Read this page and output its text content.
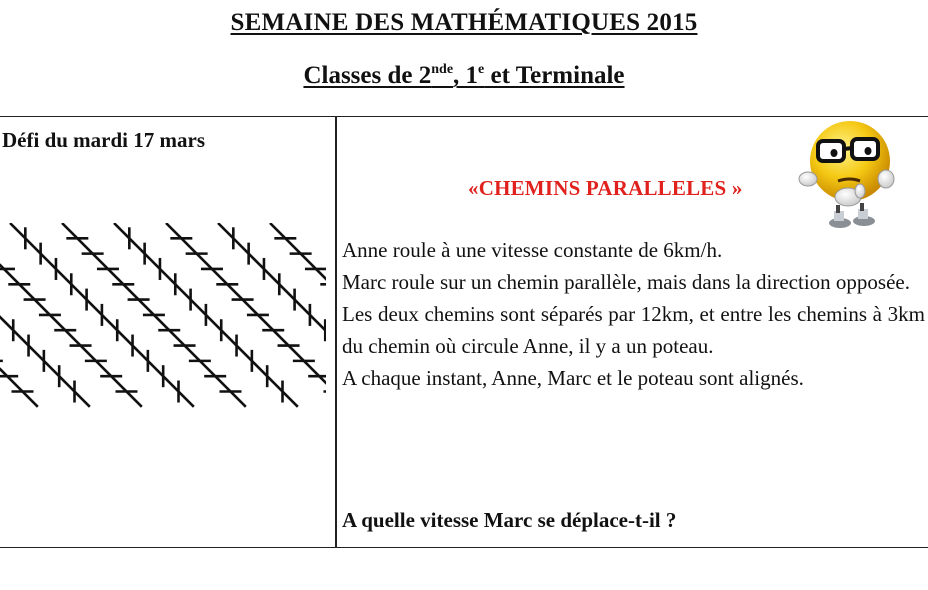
SEMAINE DES MATHÉMATIQUES 2015
Classes de 2nde, 1e et Terminale
Défi du mardi 17 mars
«CHEMINS PARALLELES »

Anne roule à une vitesse constante de 6km/h.

Marc roule sur un chemin parallèle, mais dans la direction opposée.

Les deux chemins sont séparés par 12km, et entre les chemins à 3km du chemin où circule Anne, il y a un poteau.

A chaque instant, Anne, Marc et le poteau sont alignés.

A quelle vitesse Marc se déplace-t-il ?
